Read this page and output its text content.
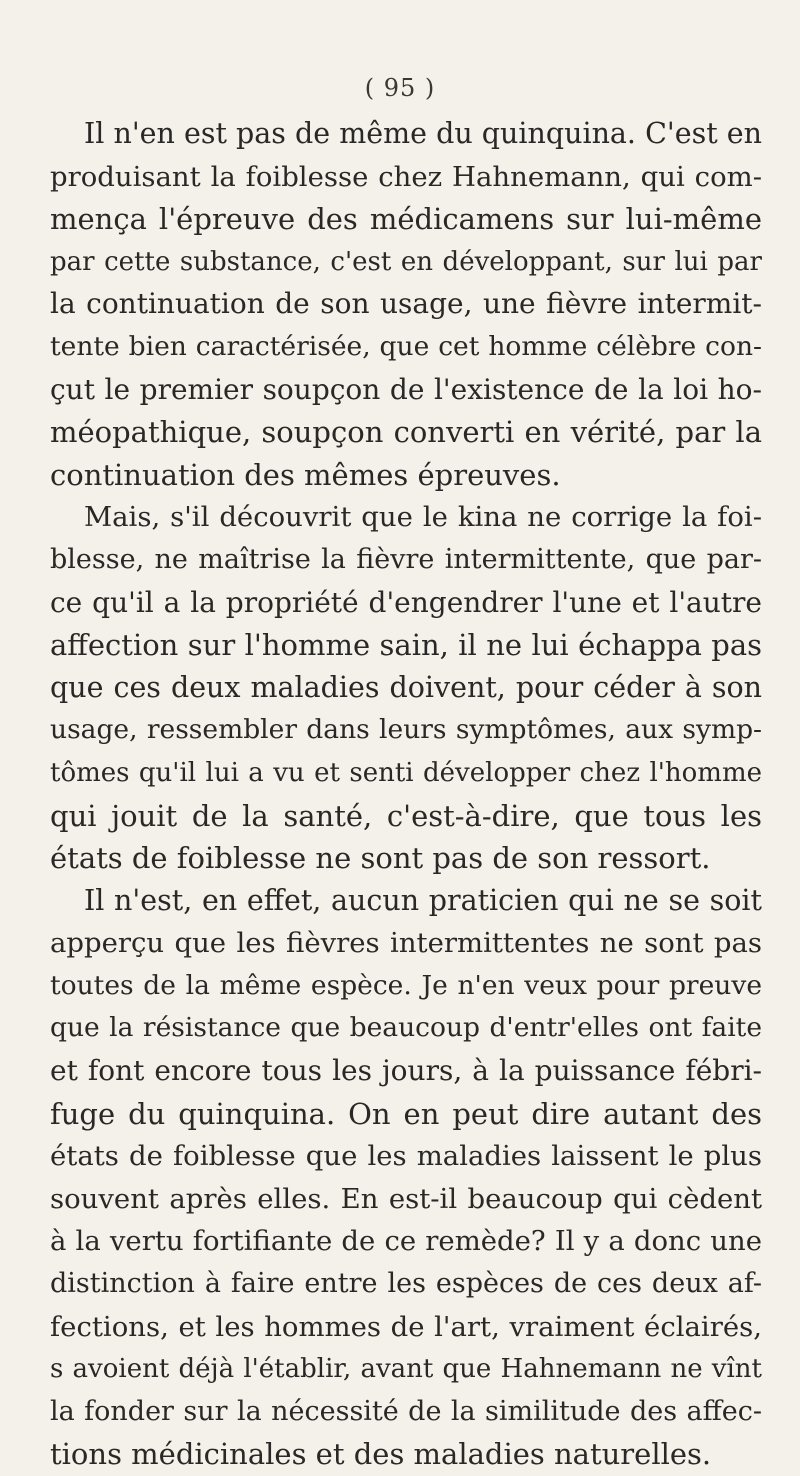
( 95 )
Il n'en est pas de même du quinquina. C'est en
produisant la foiblesse chez Hahnemann, qui com-
mença l'épreuve des médicamens sur lui-même
par cette substance, c'est en développant, sur lui par
la continuation de son usage, une fièvre intermit-
tente bien caractérisée, que cet homme célèbre con-
çut le premier soupçon de l'existence de la loi ho-
méopathique, soupçon converti en vérité, par la
continuation des mêmes épreuves.
Mais, s'il découvrit que le kina ne corrige la foi-
blesse, ne maîtrise la fièvre intermittente, que par-
ce qu'il a la propriété d'engendrer l'une et l'autre
affection sur l'homme sain, il ne lui échappa pas
que ces deux maladies doivent, pour céder à son
usage, ressembler dans leurs symptômes, aux symp-
tômes qu'il lui a vu et senti développer chez l'homme
qui jouit de la santé, c'est-à-dire, que tous les
états de foiblesse ne sont pas de son ressort.
Il n'est, en effet, aucun praticien qui ne se soit
apperçu que les fièvres intermittentes ne sont pas
toutes de la même espèce. Je n'en veux pour preuve
que la résistance que beaucoup d'entr'elles ont faite
et font encore tous les jours, à la puissance fébri-
fuge du quinquina. On en peut dire autant des
états de foiblesse que les maladies laissent le plus
souvent après elles. En est-il beaucoup qui cèdent
à la vertu fortifiante de ce remède? Il y a donc une
distinction à faire entre les espèces de ces deux af-
fections, et les hommes de l'art, vraiment éclairés,
s avoient déjà l'établir, avant que Hahnemann ne vînt
la fonder sur la nécessité de la similitude des affec-
tions médicinales et des maladies naturelles.
